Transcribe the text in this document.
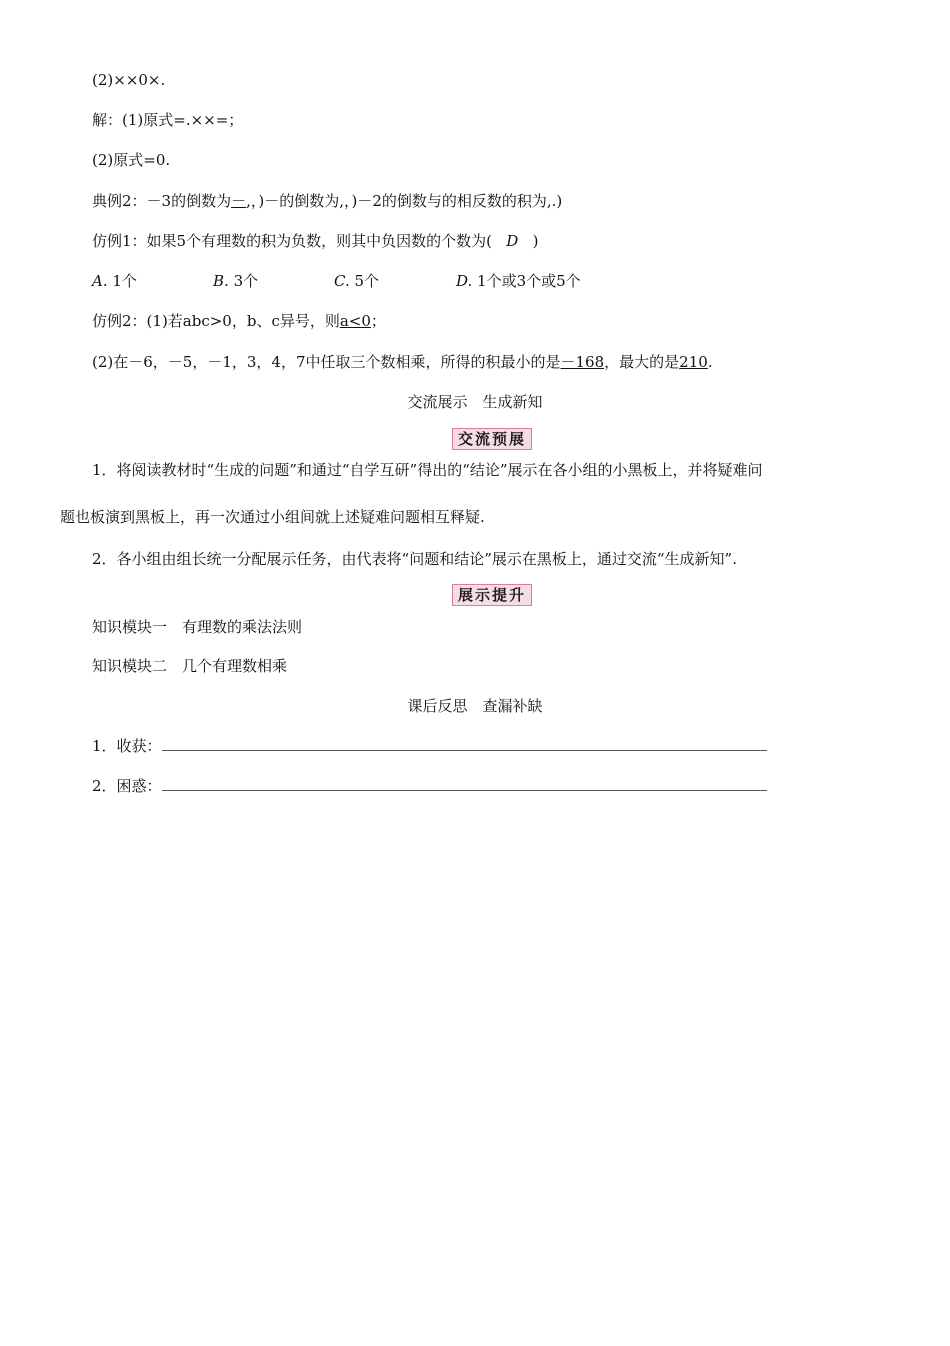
(2)××0×.
解：(1)原式=.××=；
(2)原式=0.
典例2：－3的倒数为－,，)－的倒数为,，)－2的倒数与的相反数的积为,.)
仿例1：如果5个有理数的积为负数，则其中负因数的个数为( D )
A. 1个	B. 3个	C. 5个	D. 1个或3个或5个
仿例2：(1)若abc>0，b、c异号，则a<0；
(2)在－6，－5，－1，3，4，7中任取三个数相乘，所得的积最小的是－168，最大的是210.
交流展示　生成新知
交流预展
1．将阅读教材时“生成的问题”和通过“自学互研”得出的“结论”展示在各小组的小黑板上，并将疑难问
题也板演到黑板上，再一次通过小组间就上述疑难问题相互释疑.
2．各小组由组长统一分配展示任务，由代表将“问题和结论”展示在黑板上，通过交流“生成新知”.
展示提升
知识模块一　有理数的乘法法则
知识模块二　几个有理数相乘
课后反思　查漏补缺
1．收获：
2．困惑：
